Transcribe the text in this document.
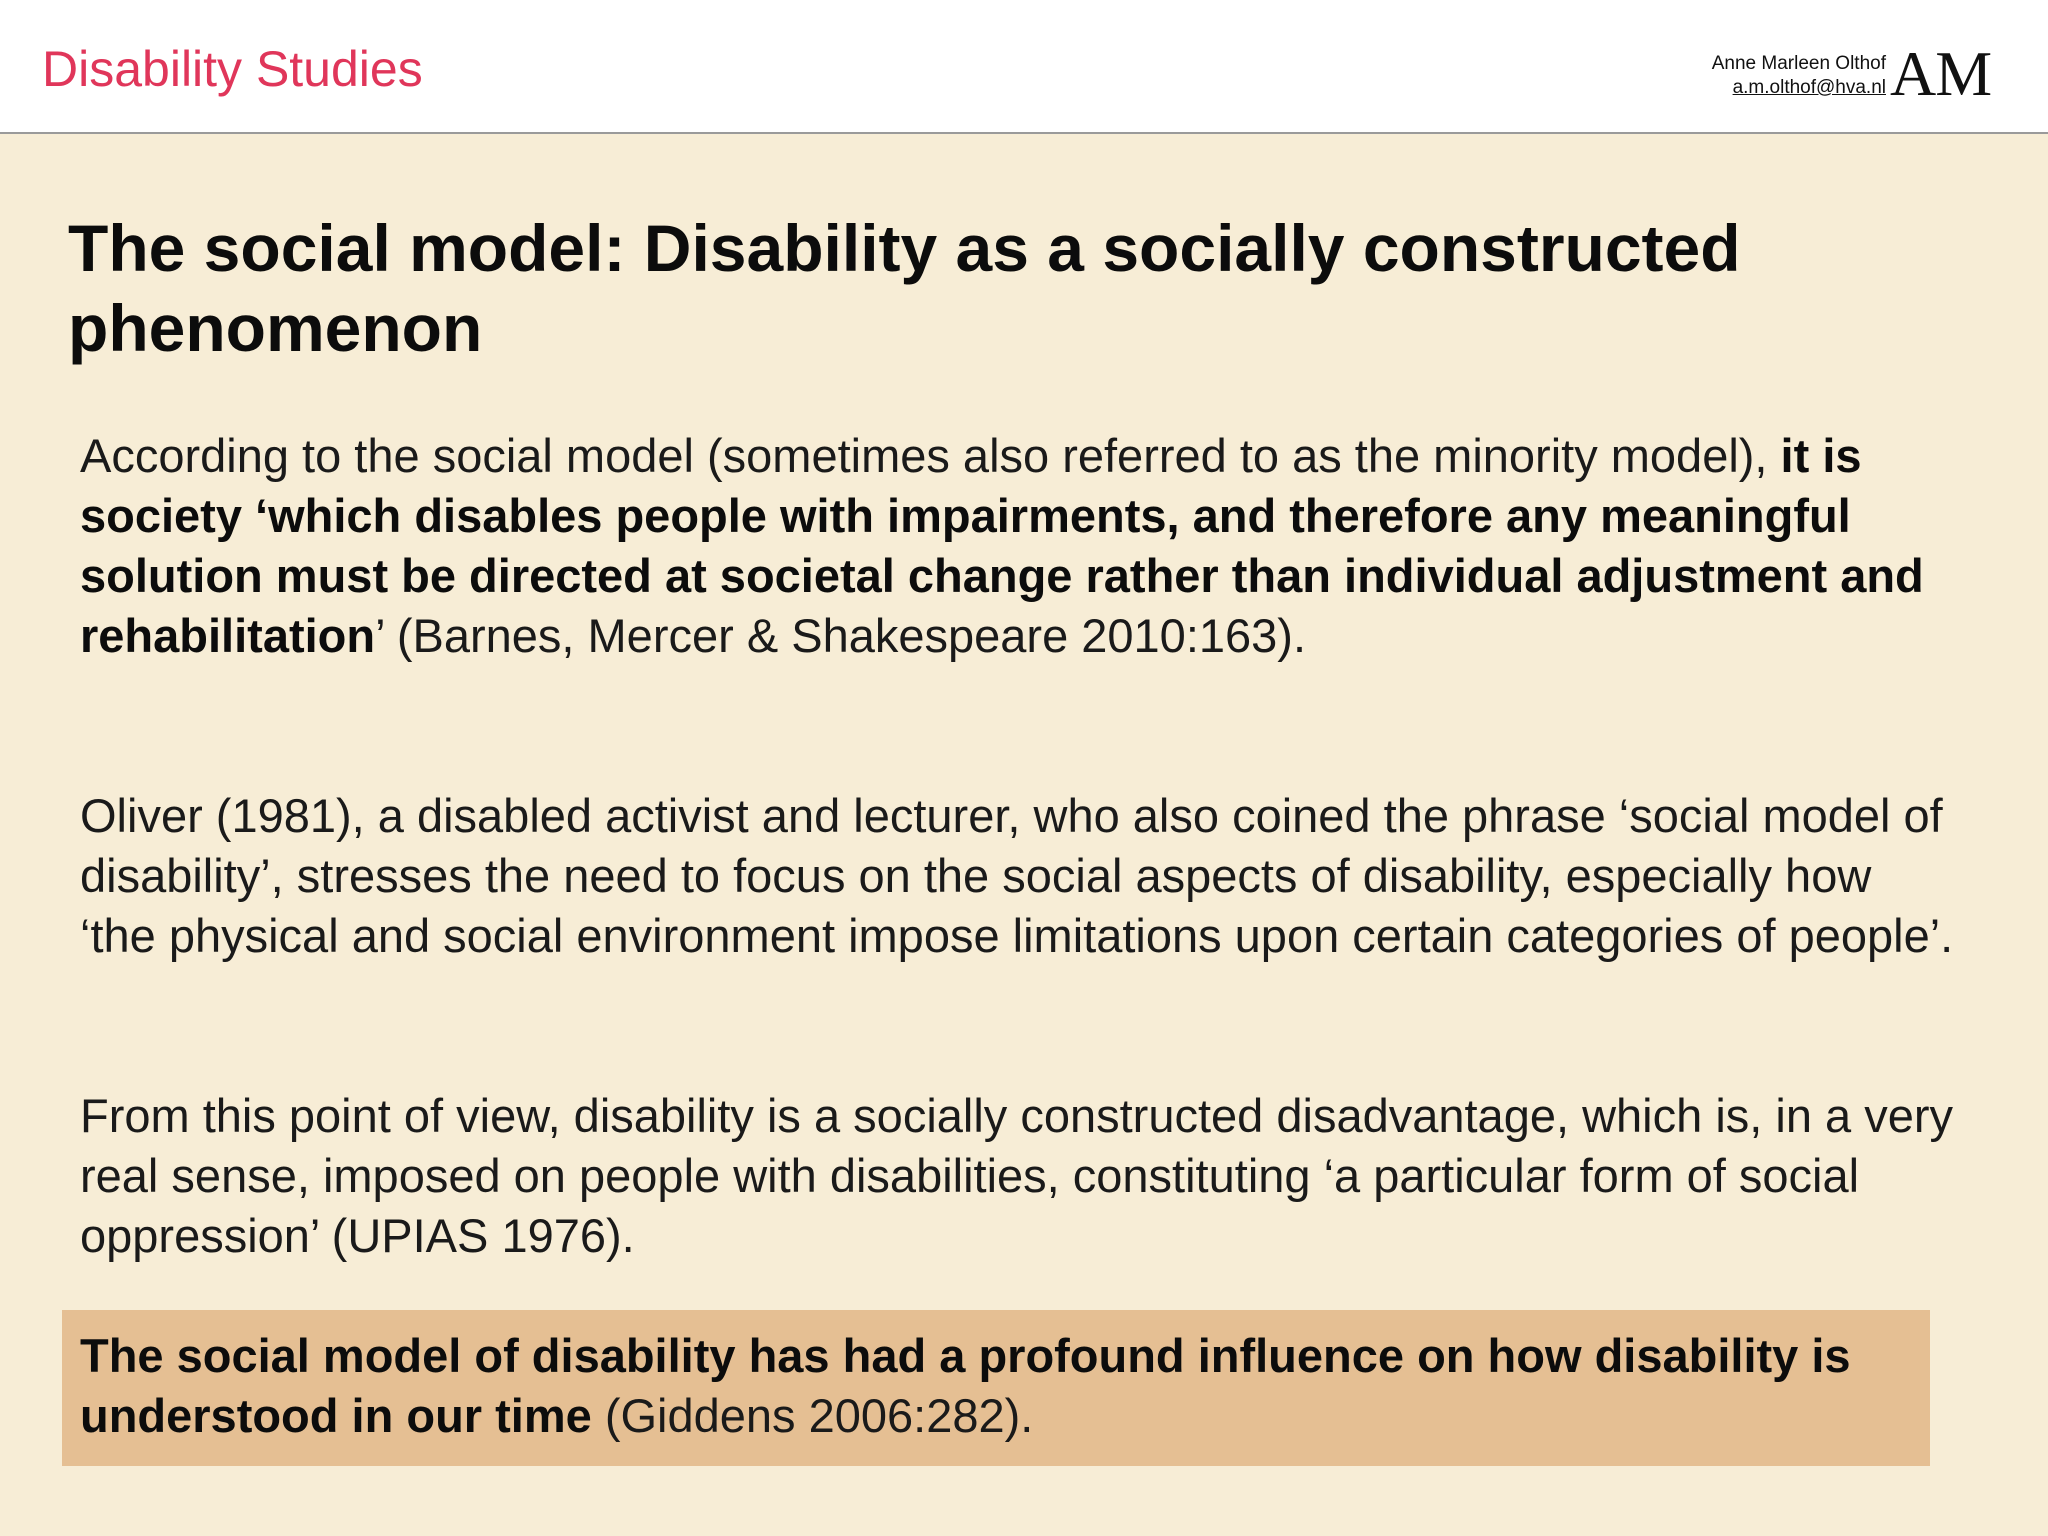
Disability Studies	Anne Marleen Olthof
a.m.olthof@hva.nl AM
The social model: Disability as a socially constructed phenomenon

According to the social model (sometimes also referred to as the minority model), it is society ‘which disables people with impairments, and therefore any meaningful solution must be directed at societal change rather than individual adjustment and rehabilitation’ (Barnes, Mercer & Shakespeare 2010:163).

Oliver (1981), a disabled activist and lecturer, who also coined the phrase ‘social model of disability’, stresses the need to focus on the social aspects of disability, especially how ‘the physical and social environment impose limitations upon certain categories of people’.

From this point of view, disability is a socially constructed disadvantage, which is, in a very real sense, imposed on people with disabilities, constituting ‘a particular form of social oppression’ (UPIAS 1976).

The social model of disability has had a profound influence on how disability is understood in our time (Giddens 2006:282).
